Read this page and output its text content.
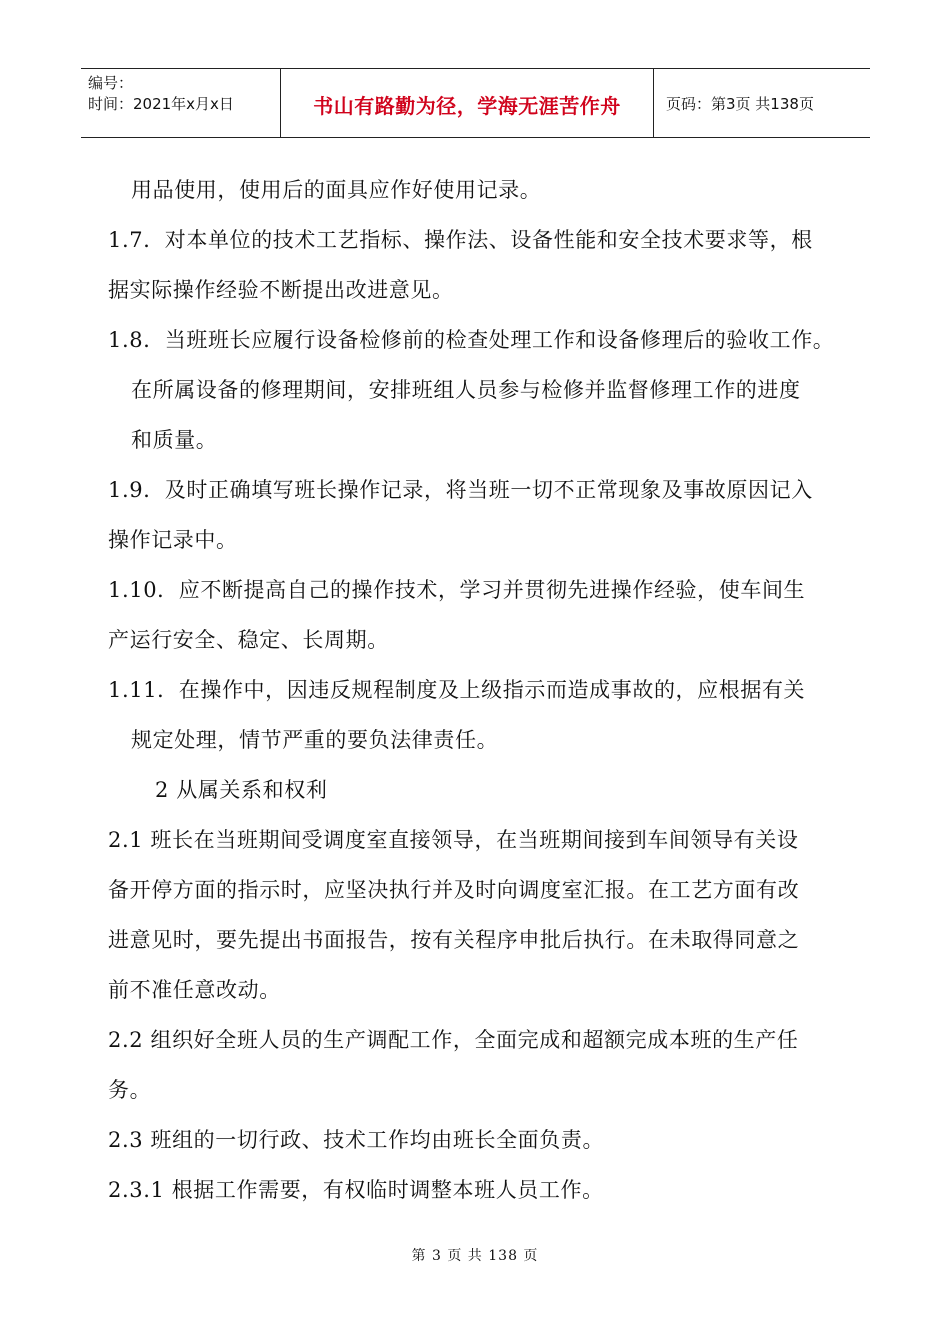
编号：
时间：2021年x月x日	书山有路勤为径，学海无涯苦作舟	页码：第3页 共138页
用品使用，使用后的面具应作好使用记录。
1.7．对本单位的技术工艺指标、操作法、设备性能和安全技术要求等，根
据实际操作经验不断提出改进意见。
1.8．当班班长应履行设备检修前的检查处理工作和设备修理后的验收工作。
在所属设备的修理期间，安排班组人员参与检修并监督修理工作的进度
和质量。
1.9．及时正确填写班长操作记录，将当班一切不正常现象及事故原因记入
操作记录中。
1.10．应不断提高自己的操作技术，学习并贯彻先进操作经验，使车间生
产运行安全、稳定、长周期。
1.11．在操作中，因违反规程制度及上级指示而造成事故的，应根据有关
规定处理，情节严重的要负法律责任。
2 从属关系和权利
2.1 班长在当班期间受调度室直接领导，在当班期间接到车间领导有关设
备开停方面的指示时，应坚决执行并及时向调度室汇报。在工艺方面有改
进意见时，要先提出书面报告，按有关程序申批后执行。在未取得同意之
前不准任意改动。
2.2 组织好全班人员的生产调配工作，全面完成和超额完成本班的生产任
务。
2.3 班组的一切行政、技术工作均由班长全面负责。
2.3.1 根据工作需要，有权临时调整本班人员工作。
第 3 页 共 138 页
